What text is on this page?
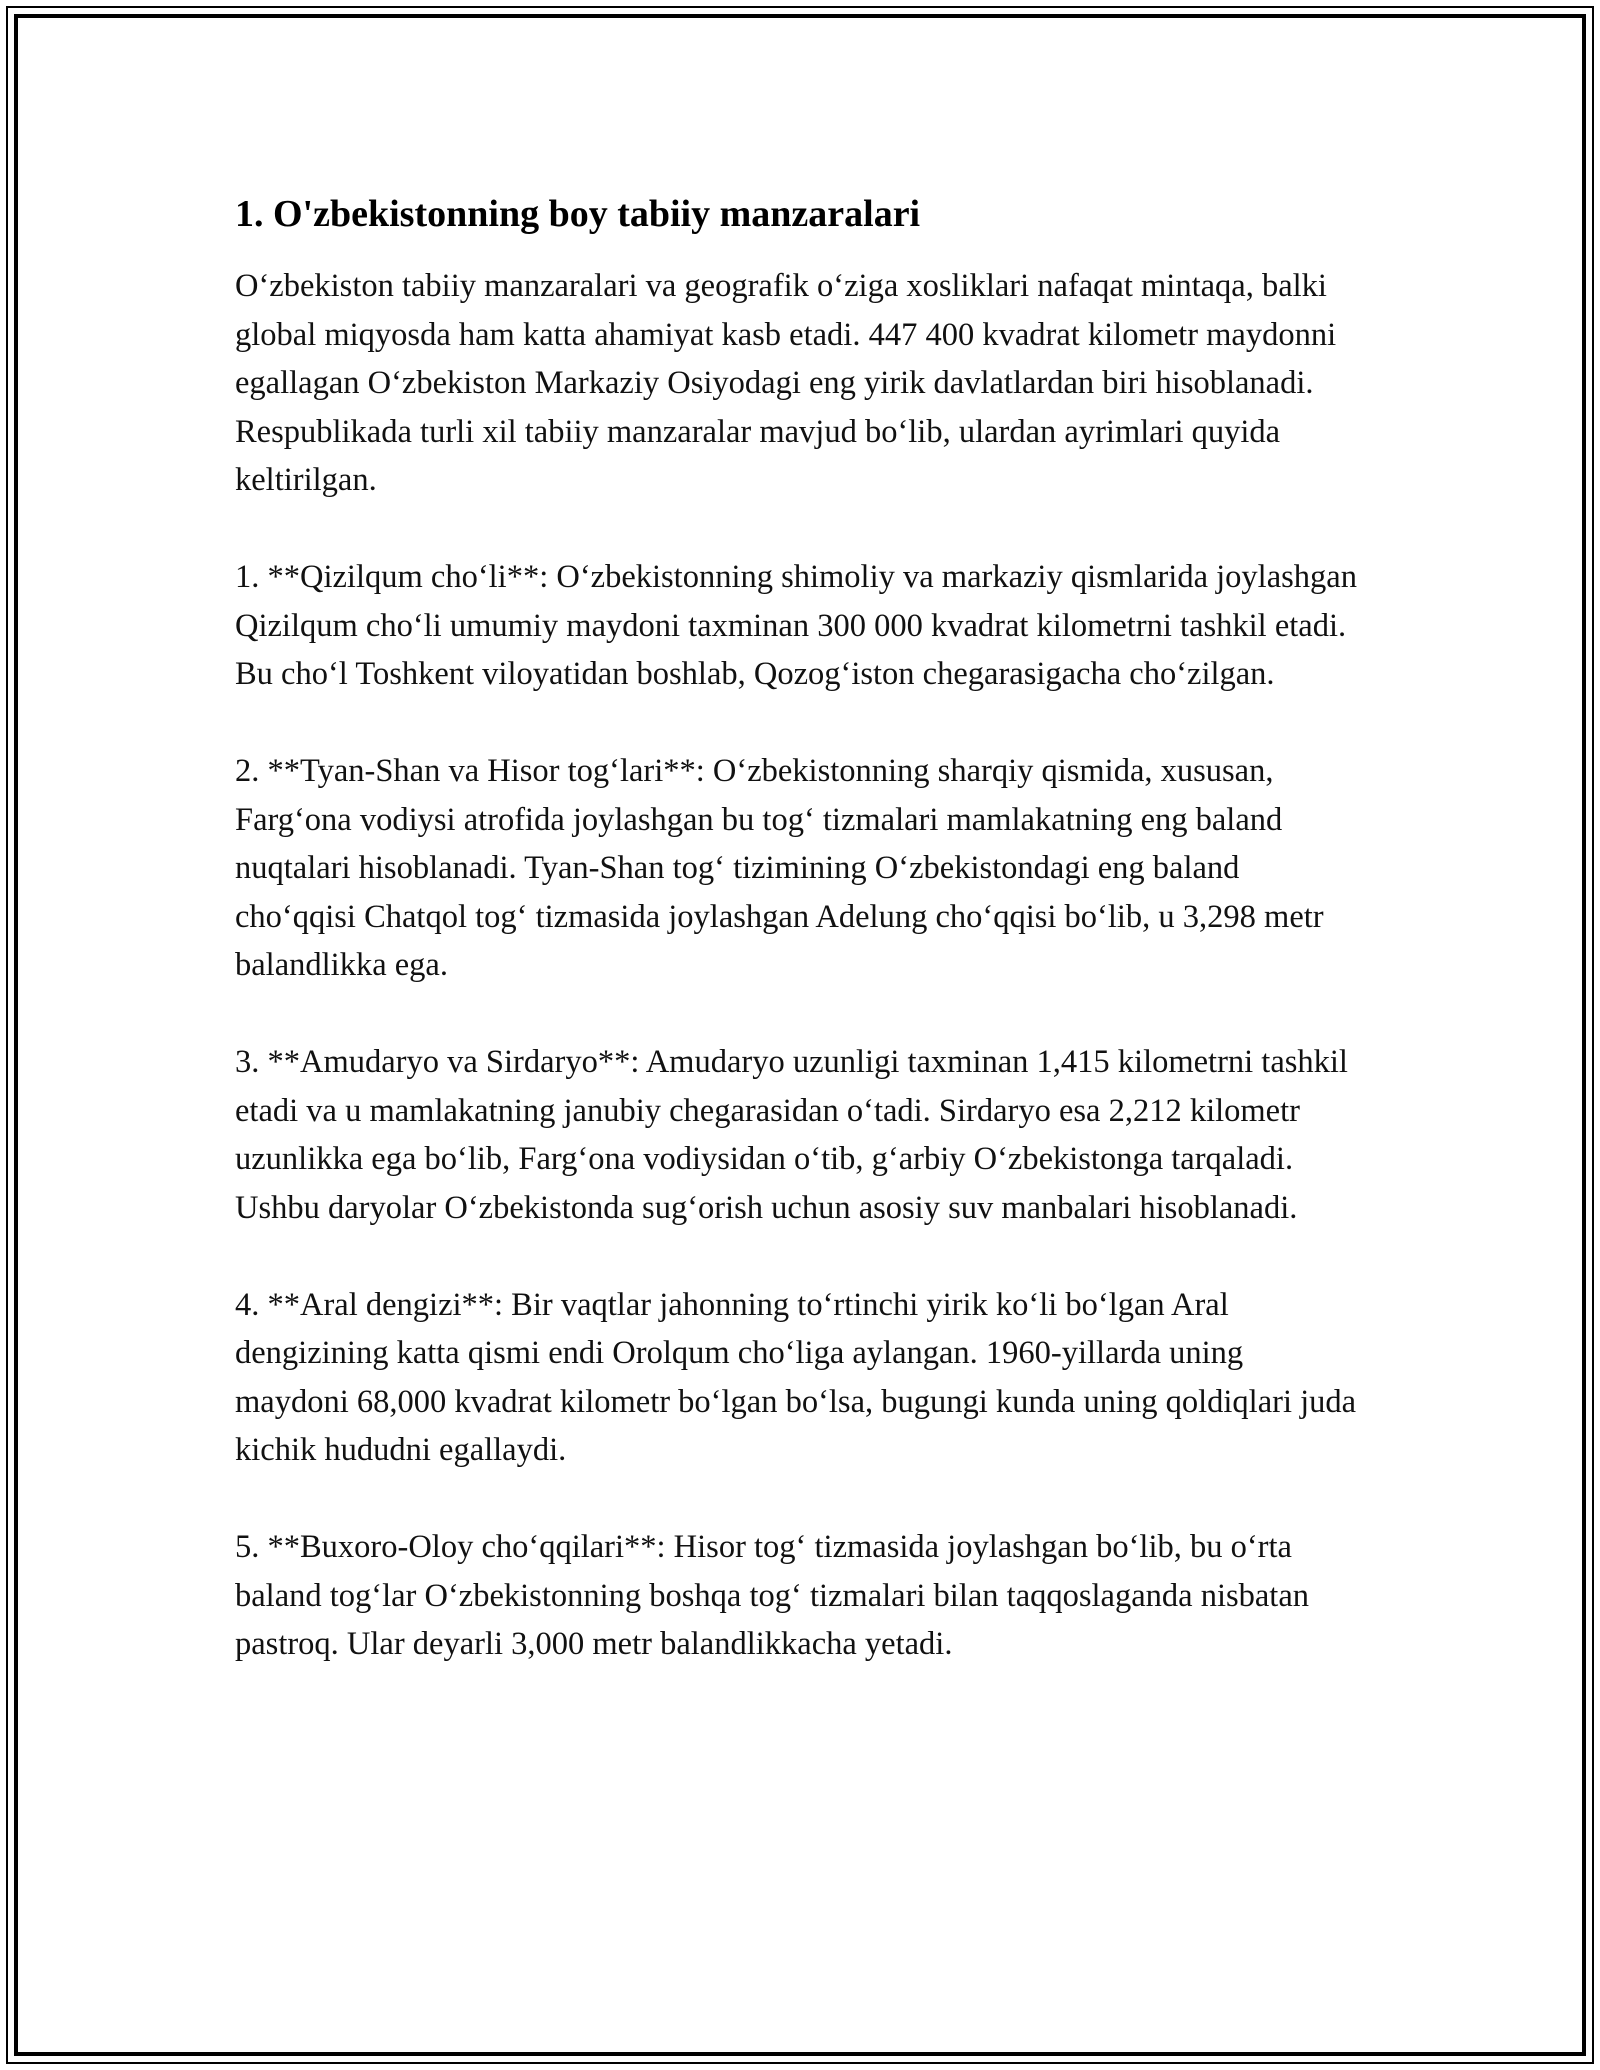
1. O'zbekistonning boy tabiiy manzaralari

O‘zbekiston tabiiy manzaralari va geografik o‘ziga xosliklari nafaqat mintaqa, balki global miqyosda ham katta ahamiyat kasb etadi. 447 400 kvadrat kilometr maydonni egallagan O‘zbekiston Markaziy Osiyodagi eng yirik davlatlardan biri hisoblanadi. Respublikada turli xil tabiiy manzaralar mavjud bo‘lib, ulardan ayrimlari quyida keltirilgan.

1. **Qizilqum cho‘li**: O‘zbekistonning shimoliy va markaziy qismlarida joylashgan Qizilqum cho‘li umumiy maydoni taxminan 300 000 kvadrat kilometrni tashkil etadi. Bu cho‘l Toshkent viloyatidan boshlab, Qozog‘iston chegarasigacha cho‘zilgan.

2. **Tyan-Shan va Hisor tog‘lari**: O‘zbekistonning sharqiy qismida, xususan, Farg‘ona vodiysi atrofida joylashgan bu tog‘ tizmalari mamlakatning eng baland nuqtalari hisoblanadi. Tyan-Shan tog‘ tizimining O‘zbekistondagi eng baland cho‘qqisi Chatqol tog‘ tizmasida joylashgan Adelung cho‘qqisi bo‘lib, u 3,298 metr balandlikka ega.

3. **Amudaryo va Sirdaryo**: Amudaryo uzunligi taxminan 1,415 kilometrni tashkil etadi va u mamlakatning janubiy chegarasidan o‘tadi. Sirdaryo esa 2,212 kilometr uzunlikka ega bo‘lib, Farg‘ona vodiysidan o‘tib, g‘arbiy O‘zbekistonga tarqaladi. Ushbu daryolar O‘zbekistonda sug‘orish uchun asosiy suv manbalari hisoblanadi.

4. **Aral dengizi**: Bir vaqtlar jahonning to‘rtinchi yirik ko‘li bo‘lgan Aral dengizining katta qismi endi Orolqum cho‘liga aylangan. 1960-yillarda uning maydoni 68,000 kvadrat kilometr bo‘lgan bo‘lsa, bugungi kunda uning qoldiqlari juda kichik hududni egallaydi.

5. **Buxoro-Oloy cho‘qqilari**: Hisor tog‘ tizmasida joylashgan bo‘lib, bu o‘rta baland tog‘lar O‘zbekistonning boshqa tog‘ tizmalari bilan taqqoslaganda nisbatan pastroq. Ular deyarli 3,000 metr balandlikkacha yetadi.
